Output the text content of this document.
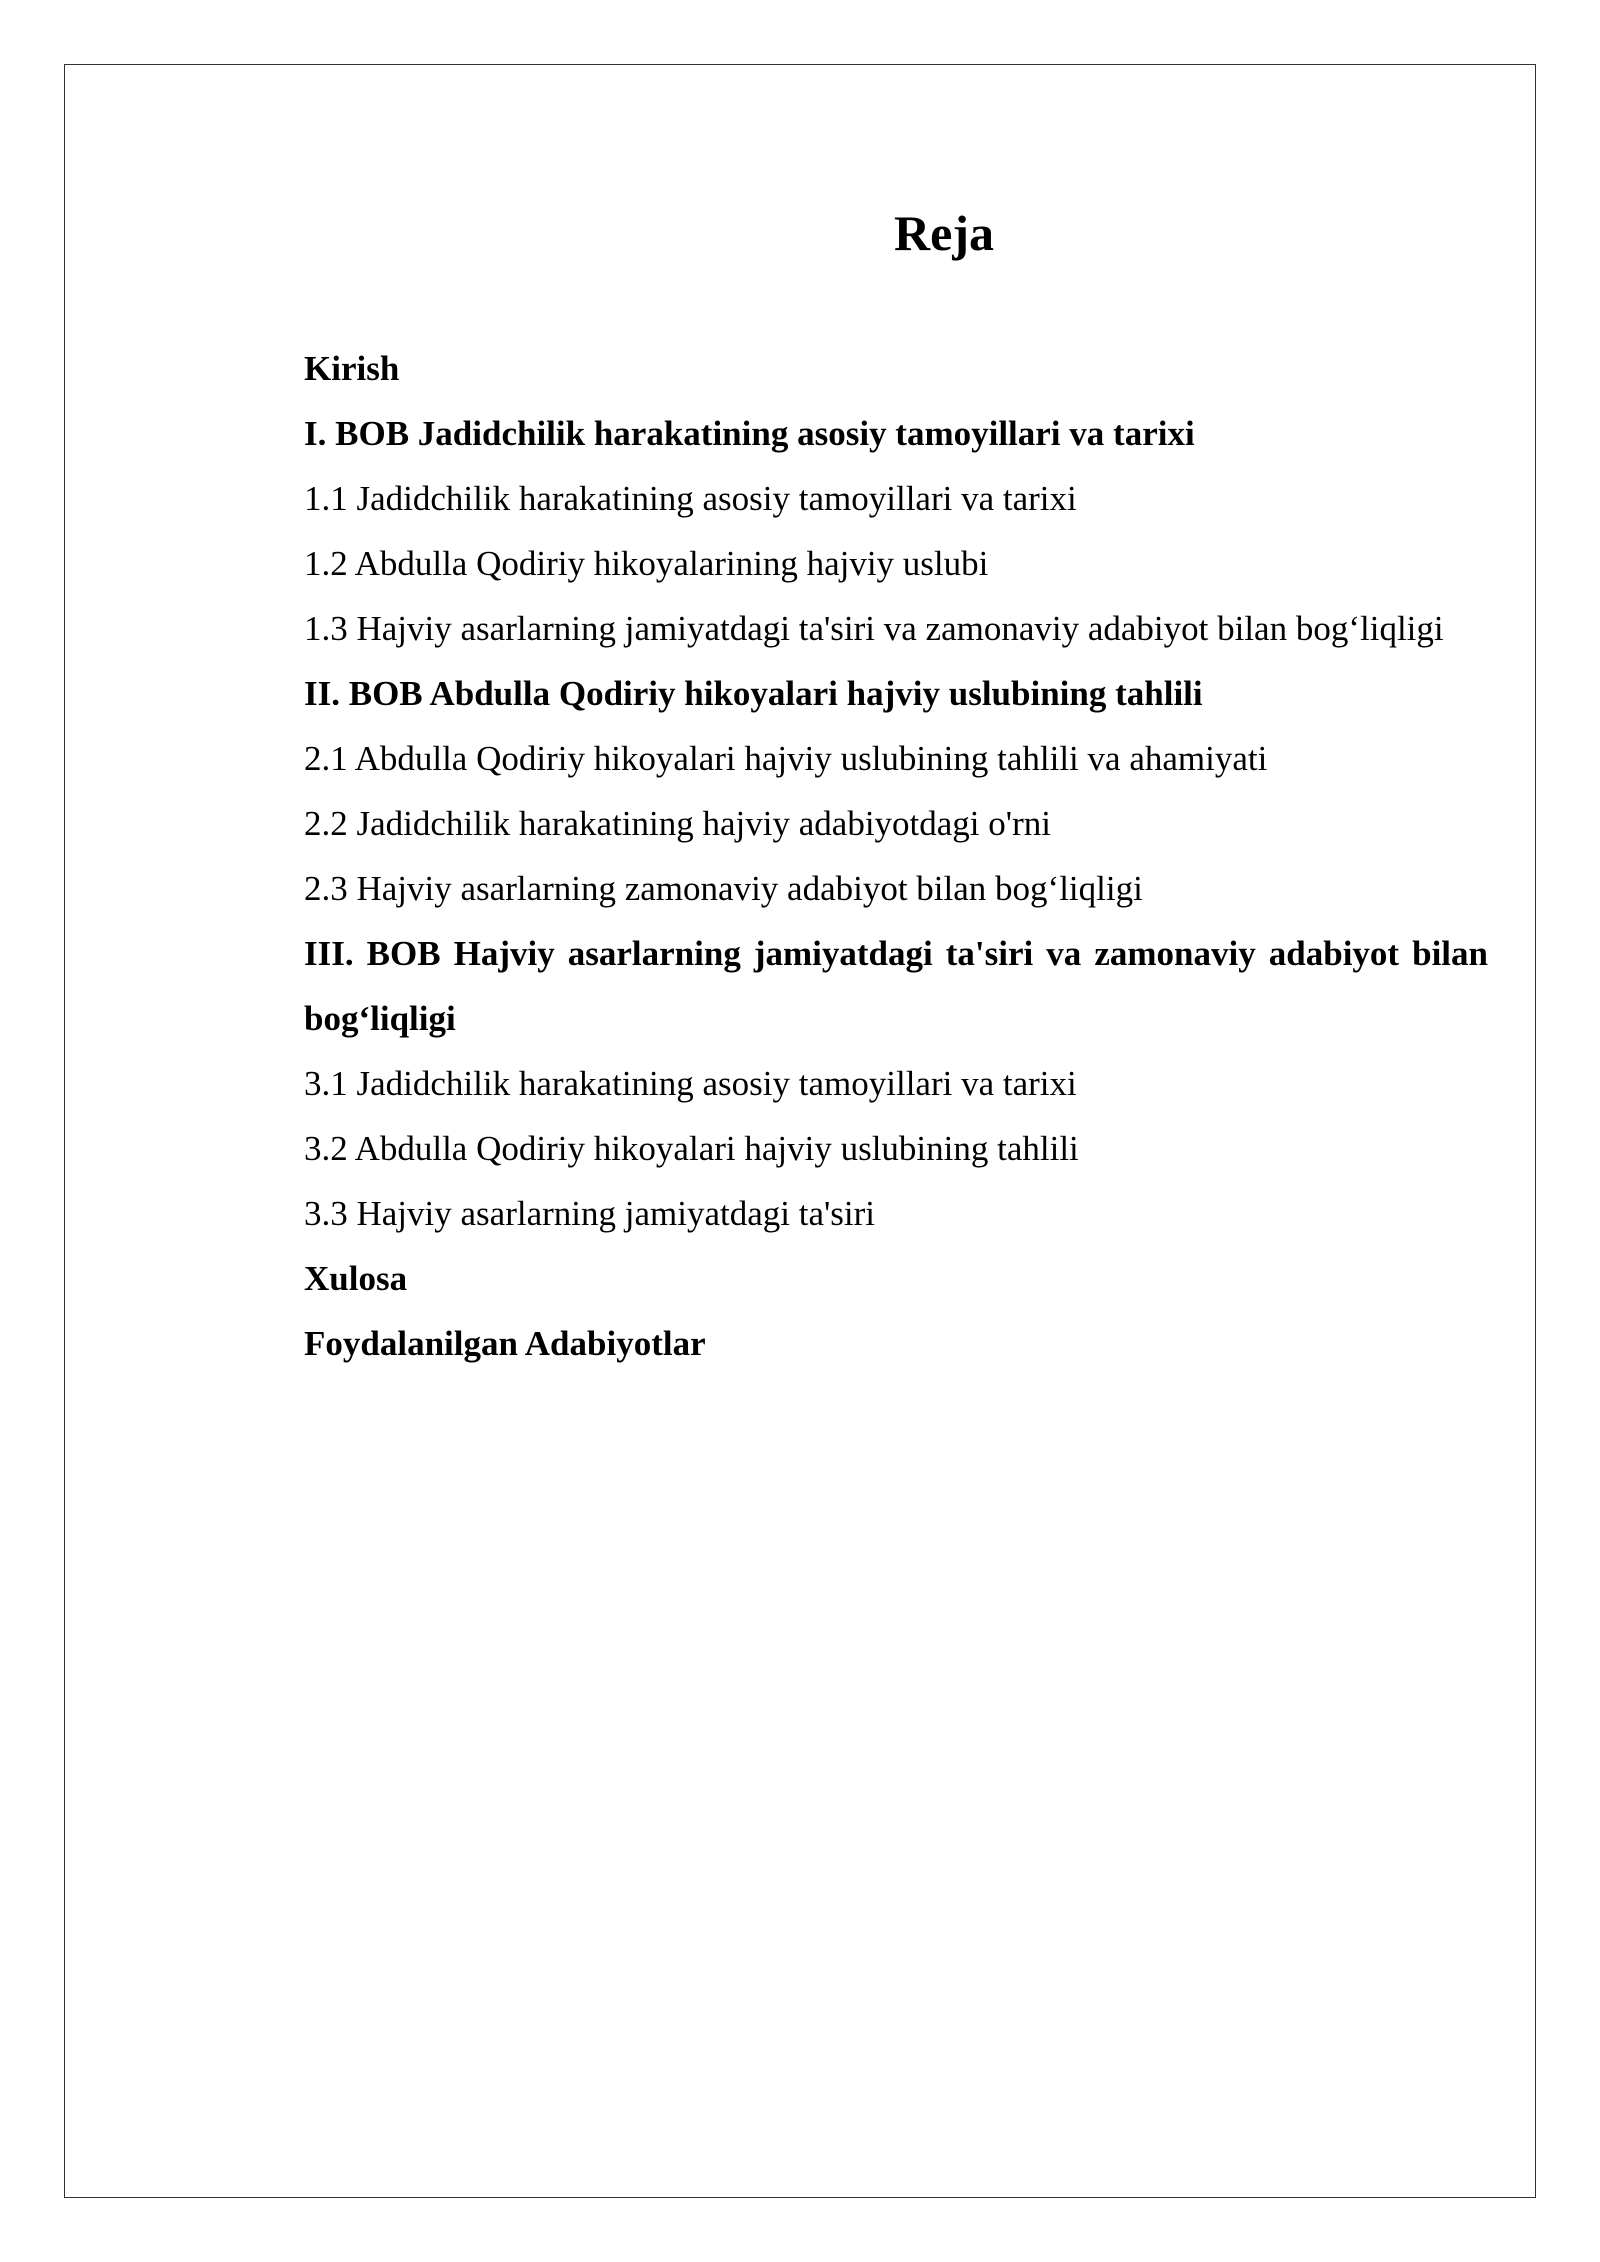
Reja
Kirish
I. BOB Jadidchilik harakatining asosiy tamoyillari va tarixi
1.1 Jadidchilik harakatining asosiy tamoyillari va tarixi
1.2 Abdulla Qodiriy hikoyalarining hajviy uslubi
1.3 Hajviy asarlarning jamiyatdagi ta'siri va zamonaviy adabiyot bilan bog‘liqligi
II. BOB Abdulla Qodiriy hikoyalari hajviy uslubining tahlili
2.1 Abdulla Qodiriy hikoyalari hajviy uslubining tahlili va ahamiyati
2.2 Jadidchilik harakatining hajviy adabiyotdagi o'rni
2.3 Hajviy asarlarning zamonaviy adabiyot bilan bog‘liqligi
III. BOB Hajviy asarlarning jamiyatdagi ta'siri va zamonaviy adabiyot bilan bog‘liqligi
3.1 Jadidchilik harakatining asosiy tamoyillari va tarixi
3.2 Abdulla Qodiriy hikoyalari hajviy uslubining tahlili
3.3 Hajviy asarlarning jamiyatdagi ta'siri
Xulosa
Foydalanilgan Adabiyotlar
